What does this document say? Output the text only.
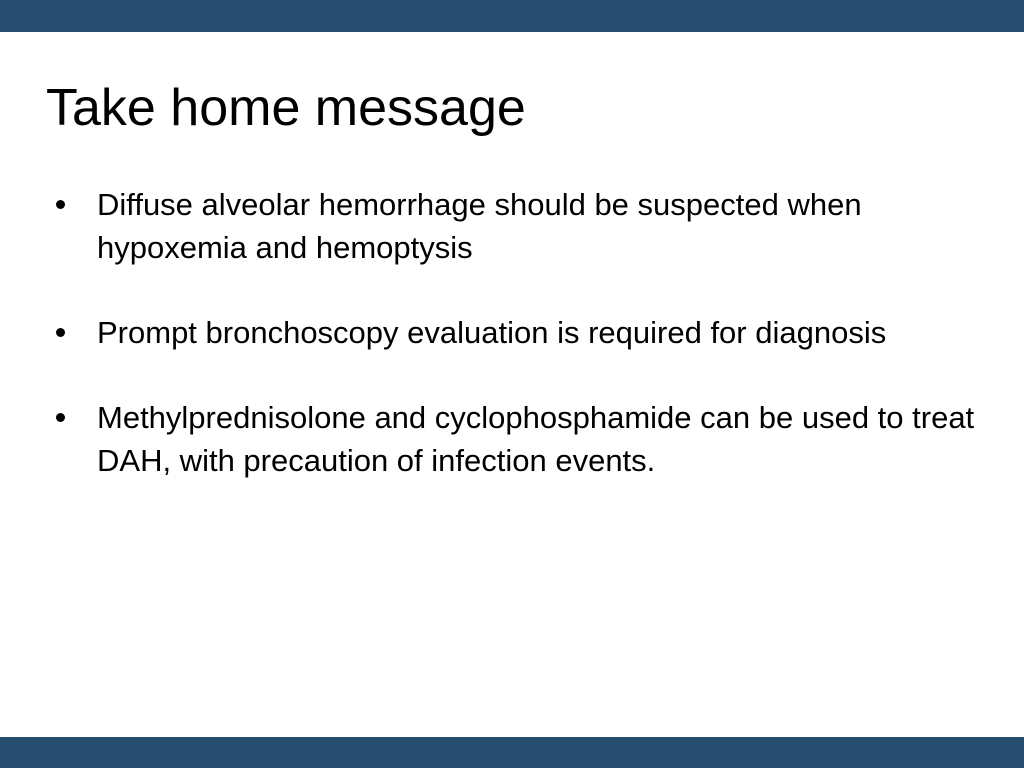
Take home message
Diffuse alveolar hemorrhage should be suspected when hypoxemia and hemoptysis
Prompt bronchoscopy evaluation is required for diagnosis
Methylprednisolone and cyclophosphamide can be used to treat DAH, with precaution of infection events.
